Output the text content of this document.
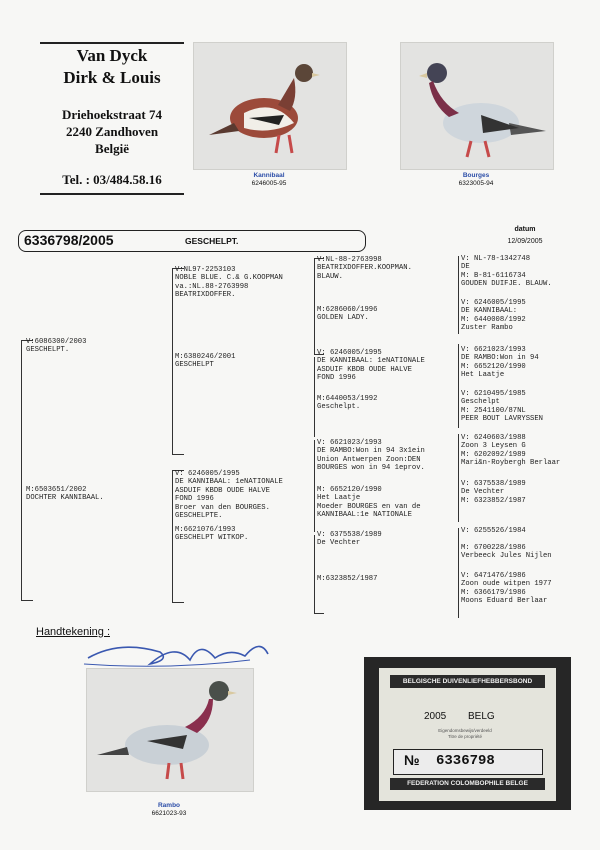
Van Dyck
Dirk & Louis
Driehoekstraat 74
2240 Zandhoven
België
Tel. : 03/484.58.16	Kannibaal
6246005-95
Bourges
6323005-94
6336798/2005	GESCHELPT.
datum
12/09/2005
V:6086300/2003
GESCHELPT.
M:6503651/2002
DOCHTER KANNIBAAL.
V:NL97-2253103
NOBLE BLUE. C.& G.KOOPMAN
va.:NL.88-2763998
BEATRIXDOFFER.
M:6380246/2001
GESCHELPT
V: 6246005/1995
DE KANNIBAAL: 1eNATIONALE
ASDUIF KBDB OUDE HALVE
FOND 1996
Broer van den BOURGES.
GESCHELPTE.
M:6621076/1993
GESCHELPT WITKOP.
V:NL-88-2763998
BEATRIXDOFFER.KOOPMAN.
BLAUW.
M:6286060/1996
GOLDEN LADY.
V: 6246005/1995
DE KANNIBAAL: 1eNATIONALE
ASDUIF KBDB OUDE HALVE
FOND 1996
M:6440053/1992
Geschelpt.
V: 6621023/1993
DE RAMBO:Won in 94 3x1ein
Union Antwerpen Zoon:DEN
BOURGES won in 94 1eprov.
M: 6652120/1990
Het Laatje
Moeder BOURGES en van de
KANNIBAAL:1e NATIONALE
V: 6375538/1989
De Vechter
M:6323852/1987
V: NL-78-1342748
DE
M: B-81-6116734
GOUDEN DUIFJE. BLAUW.
V: 6246005/1995
DE KANNIBAAL:
M: 6440008/1992
Zuster Rambo
V: 6621023/1993
DE RAMBO:Won in 94
M: 6652120/1990
Het Laatje
V: 6210495/1985
Geschelpt
M: 2541100/87NL
PEER BOUT LAVRYSSEN
V: 6240603/1988
Zoon 3 Leysen G
M: 6202092/1989
Mari&n-Roybergh Berlaar
V: 6375538/1989
De Vechter
M: 6323852/1987
V: 6255526/1984

M: 6700228/1986
Verbeeck Jules Nijlen
V: 6471476/1986
Zoon oude witpen 1977
M: 6366179/1986
Moons Eduard Berlaar
Handtekening :
Rambo
6621023-93
BELGISCHE DUIVENLIEFHEBBERSBOND
2005 BELG
Eigendomsbewijs/verdeeld
Titre de propriété
№ 6336798
FEDERATION COLOMBOPHILE BELGE
